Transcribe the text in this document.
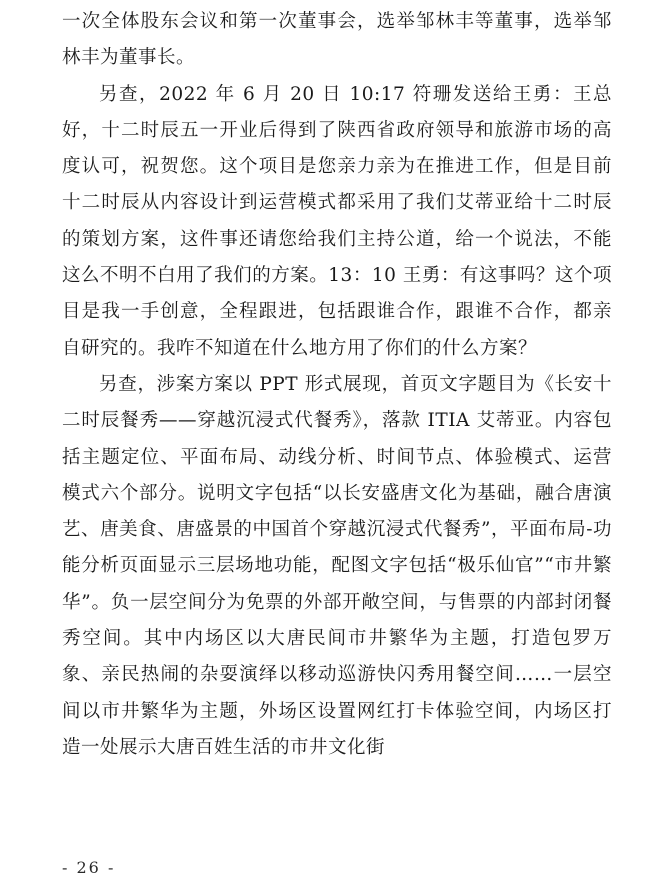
一次全体股东会议和第一次董事会，选举邹林丰等董事，选举邹林丰为董事长。

另查，2022 年 6 月 20 日 10:17 符珊发送给王勇：王总好，十二时辰五一开业后得到了陕西省政府领导和旅游市场的高度认可，祝贺您。这个项目是您亲力亲为在推进工作，但是目前十二时辰从内容设计到运营模式都采用了我们艾蒂亚给十二时辰的策划方案，这件事还请您给我们主持公道，给一个说法，不能这么不明不白用了我们的方案。13：10 王勇：有这事吗？这个项目是我一手创意，全程跟进，包括跟谁合作，跟谁不合作，都亲自研究的。我咋不知道在什么地方用了你们的什么方案？

另查，涉案方案以 PPT 形式展现，首页文字题目为《长安十二时辰餐秀——穿越沉浸式代餐秀》，落款 ITIA 艾蒂亚。内容包括主题定位、平面布局、动线分析、时间节点、体验模式、运营模式六个部分。说明文字包括“以长安盛唐文化为基础，融合唐演艺、唐美食、唐盛景的中国首个穿越沉浸式代餐秀”，平面布局-功能分析页面显示三层场地功能，配图文字包括“极乐仙官”“市井繁华”。负一层空间分为免票的外部开敞空间，与售票的内部封闭餐秀空间。其中内场区以大唐民间市井繁华为主题，打造包罗万象、亲民热闹的杂耍演绎以移动巡游快闪秀用餐空间……一层空间以市井繁华为主题，外场区设置网红打卡体验空间，内场区打造一处展示大唐百姓生活的市井文化街

- 26 -
